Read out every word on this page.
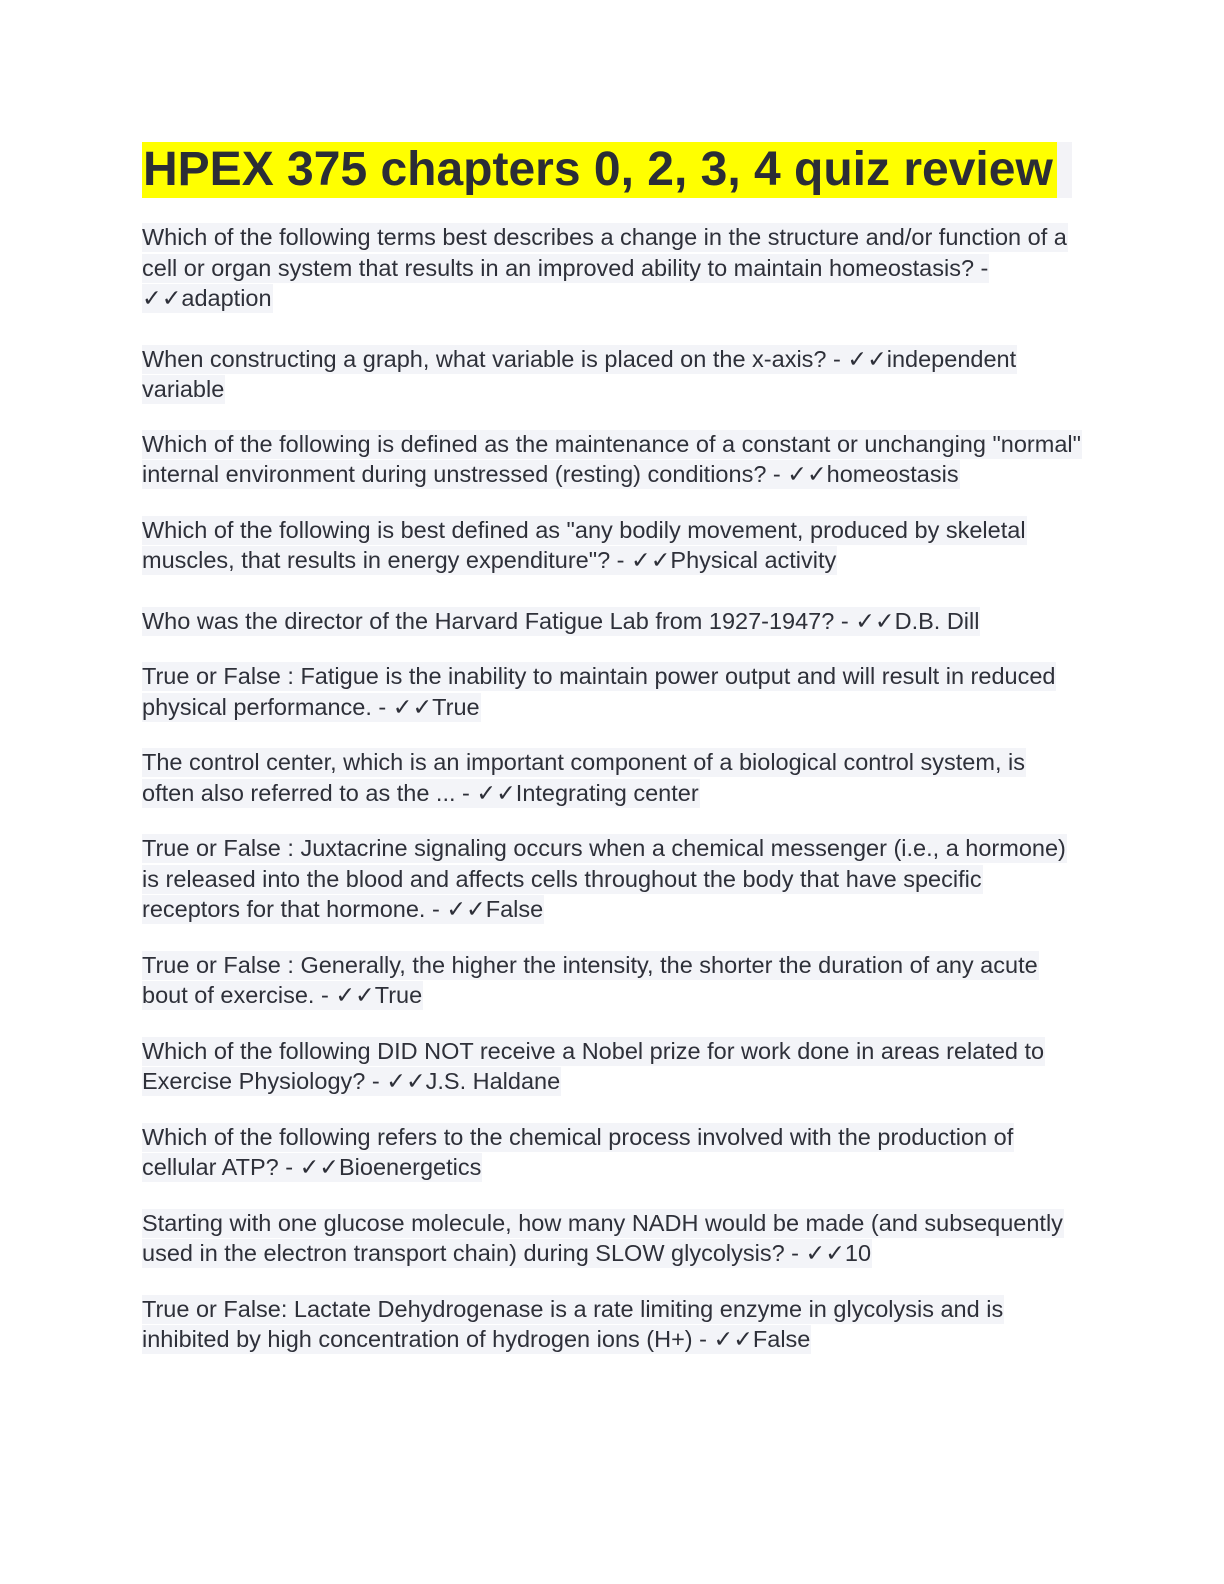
HPEX 375 chapters 0, 2, 3, 4 quiz review

Which of the following terms best describes a change in the structure and/or function of a cell or organ system that results in an improved ability to maintain homeostasis? - ✓✓adaption

When constructing a graph, what variable is placed on the x-axis? - ✓✓independent variable

Which of the following is defined as the maintenance of a constant or unchanging "normal" internal environment during unstressed (resting) conditions? - ✓✓homeostasis

Which of the following is best defined as "any bodily movement, produced by skeletal muscles, that results in energy expenditure"? - ✓✓Physical activity

Who was the director of the Harvard Fatigue Lab from 1927-1947? - ✓✓D.B. Dill

True or False : Fatigue is the inability to maintain power output and will result in reduced physical performance. - ✓✓True

The control center, which is an important component of a biological control system, is often also referred to as the ... - ✓✓Integrating center

True or False : Juxtacrine signaling occurs when a chemical messenger (i.e., a hormone) is released into the blood and affects cells throughout the body that have specific receptors for that hormone. - ✓✓False

True or False : Generally, the higher the intensity, the shorter the duration of any acute bout of exercise. - ✓✓True

Which of the following DID NOT receive a Nobel prize for work done in areas related to Exercise Physiology? - ✓✓J.S. Haldane

Which of the following refers to the chemical process involved with the production of cellular ATP? - ✓✓Bioenergetics

Starting with one glucose molecule, how many NADH would be made (and subsequently used in the electron transport chain) during SLOW glycolysis? - ✓✓10

True or False: Lactate Dehydrogenase is a rate limiting enzyme in glycolysis and is inhibited by high concentration of hydrogen ions (H+) - ✓✓False
